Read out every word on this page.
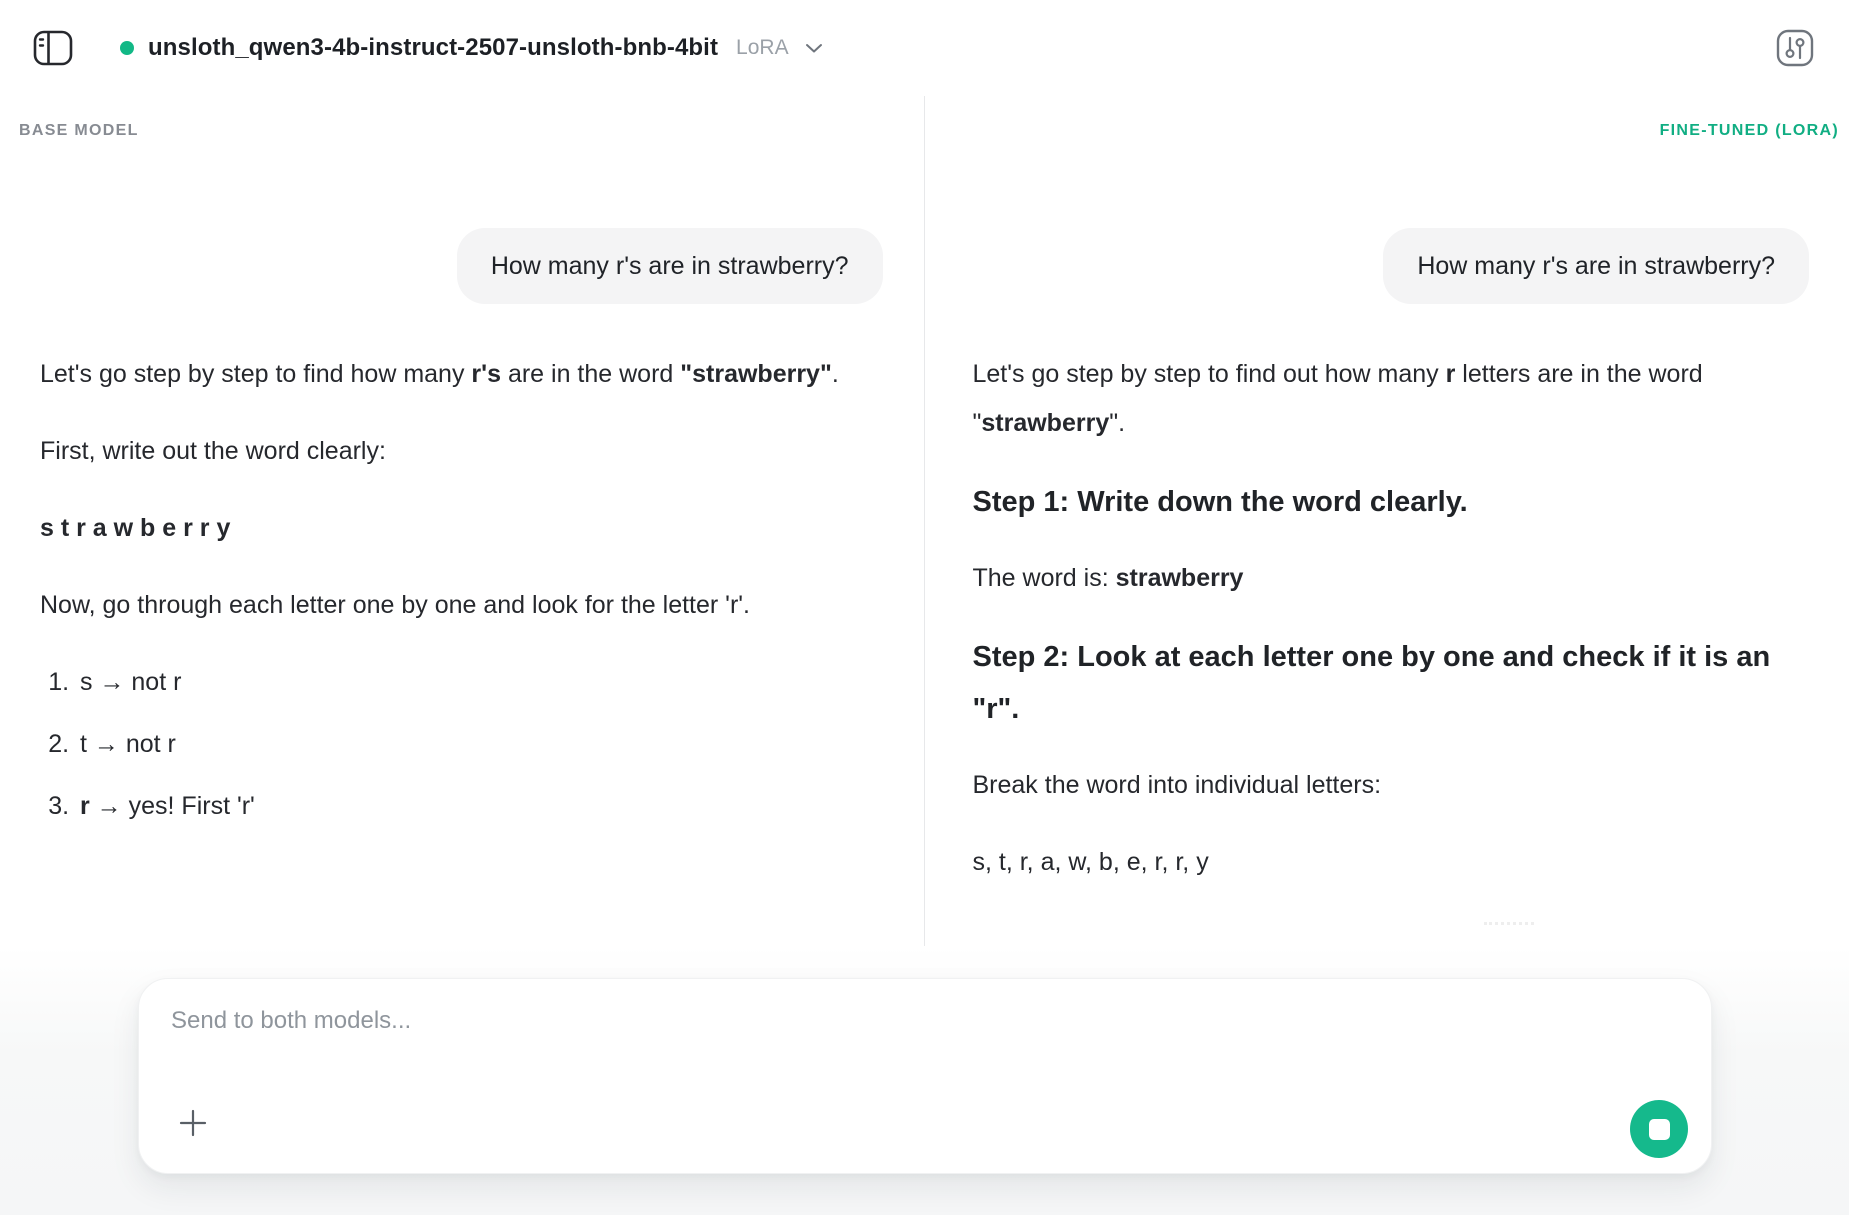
unsloth_qwen3-4b-instruct-2507-unsloth-bnb-4bit LoRA
BASE MODEL
How many r's are in strawberry?

Let's go step by step to find how many r's are in the word "strawberry".

First, write out the word clearly:

s t r a w b e r r y

Now, go through each letter one by one and look for the letter 'r'.

1. s → not r
2. t → not r
3. r → yes! First 'r'
FINE-TUNED (LORA)
How many r's are in strawberry?

Let's go step by step to find out how many r letters are in the word "strawberry".

Step 1: Write down the word clearly.

The word is: strawberry

Step 2: Look at each letter one by one and check if it is an "r".

Break the word into individual letters:

s, t, r, a, w, b, e, r, r, y

Send to both models...
